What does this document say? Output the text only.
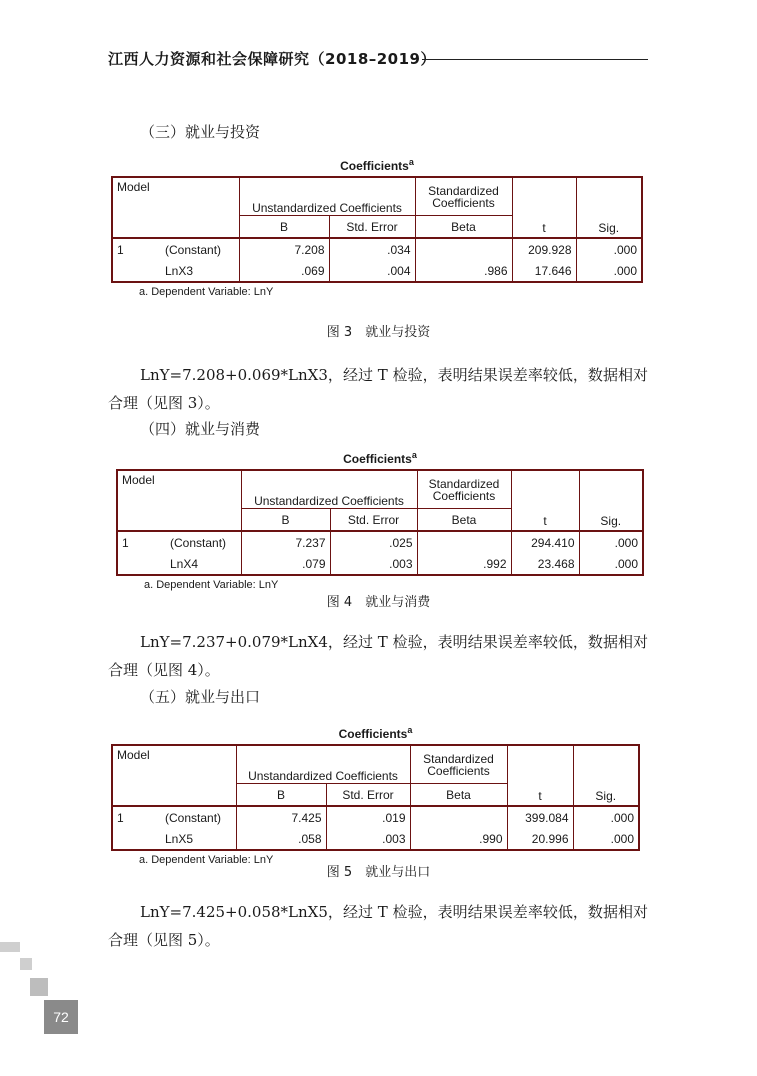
江西人力资源和社会保障研究（2018–2019）
（三）就业与投资
Coefficients$^a$
Model	Unstandardized Coefficients		Standardized Coefficients	t	Sig.
	B	Std. Error	Beta		

1 (Constant)	7.208	.034		209.928	.000

LnX3	.069	.004	.986	17.646	.000
a. Dependent Variable: LnY
图 3　就业与投资

LnY=7.208+0.069*LnX3，经过 T 检验，表明结果误差率较低，数据相对合理（见图 3）。

（四）就业与消费
Coefficients$^a$
Model	Unstandardized Coefficients		Standardized Coefficients	t	Sig.
	B	Std. Error	Beta		

1 (Constant)	7.237	.025		294.410	.000

LnX4	.079	.003	.992	23.468	.000
a. Dependent Variable: LnY
图 4　就业与消费

LnY=7.237+0.079*LnX4，经过 T 检验，表明结果误差率较低，数据相对合理（见图 4）。

（五）就业与出口
Coefficients$^a$
Model	Unstandardized Coefficients		Standardized Coefficients	t	Sig.
	B	Std. Error	Beta		

1 (Constant)	7.425	.019		399.084	.000

LnX5	.058	.003	.990	20.996	.000
a. Dependent Variable: LnY
图 5　就业与出口

LnY=7.425+0.058*LnX5，经过 T 检验，表明结果误差率较低，数据相对合理（见图 5）。

72
